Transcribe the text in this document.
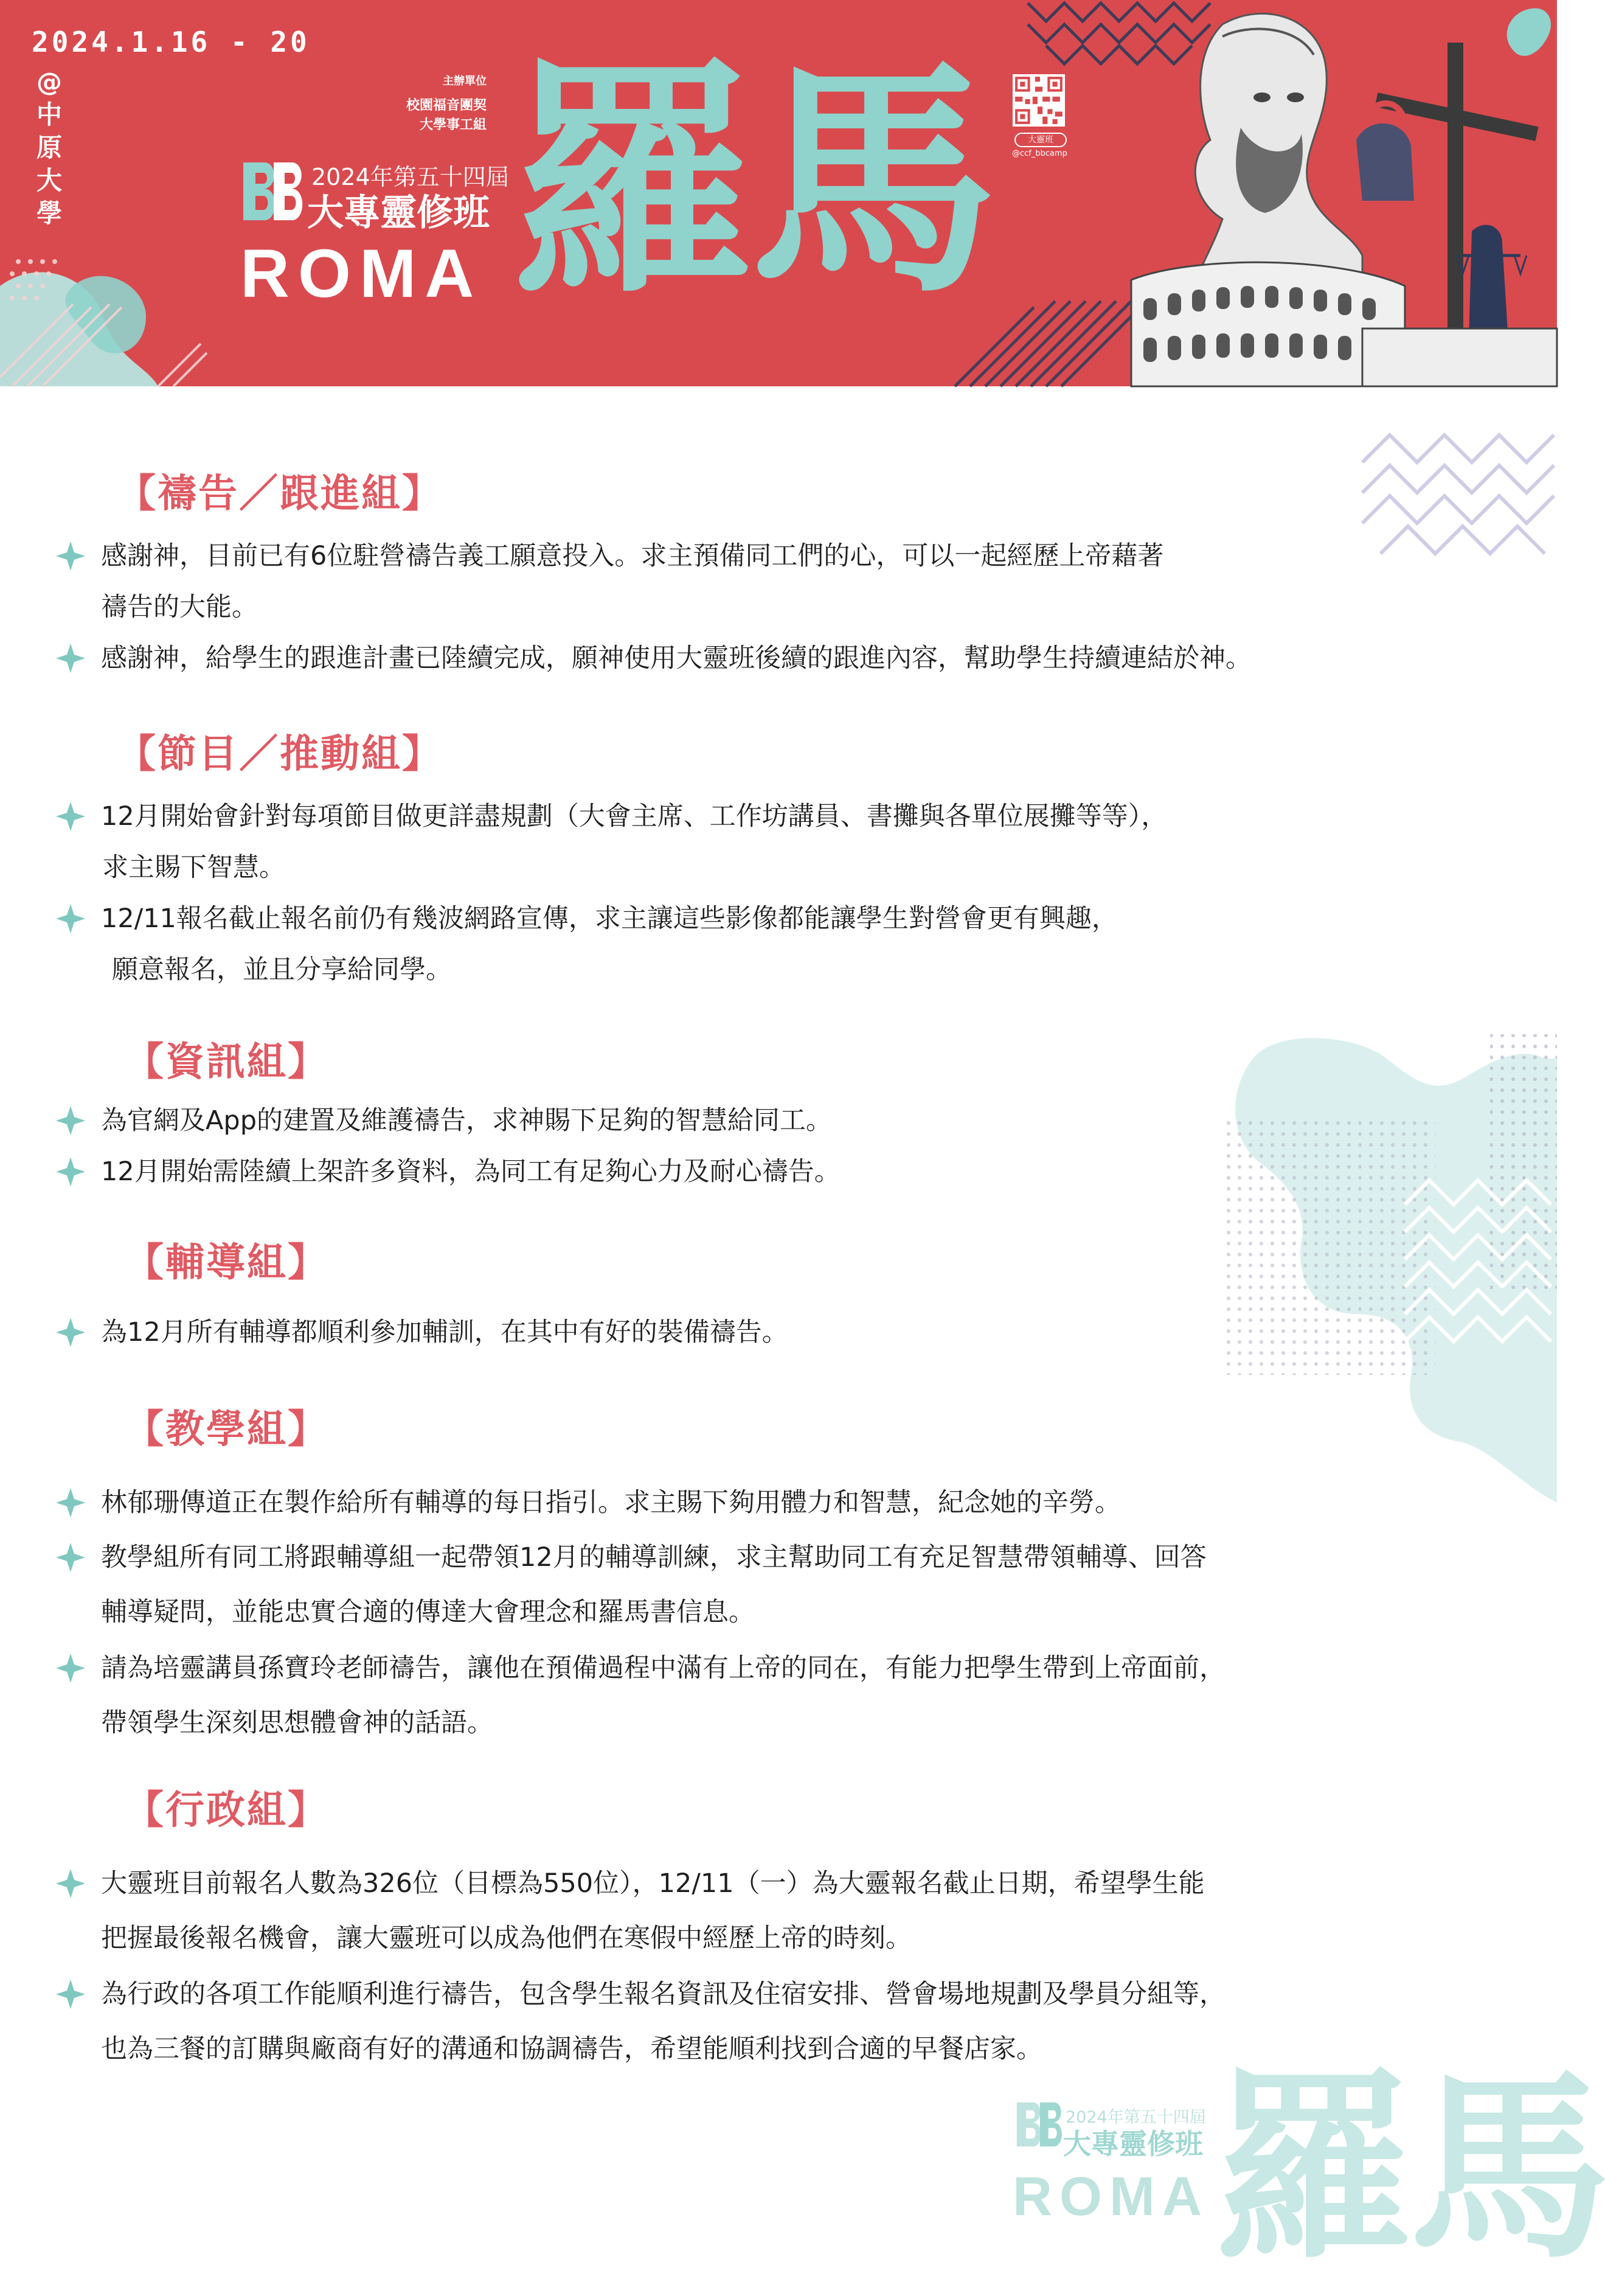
2024.1.16 - 20
@
中
原
大
學
主辦單位
校園福音團契
大學事工組
2024年第五十四屆
大專靈修班
ROMA 羅馬	大靈班
@ccf_bbcamp
【禱告／跟進組】
感謝神，目前已有6位駐營禱告義工願意投入。求主預備同工們的心，可以一起經歷上帝藉著
禱告的大能。
感謝神，給學生的跟進計畫已陸續完成，願神使用大靈班後續的跟進內容，幫助學生持續連結於神。
【節目／推動組】
12月開始會針對每項節目做更詳盡規劃（大會主席、工作坊講員、書攤與各單位展攤等等），
求主賜下智慧。
12/11報名截止報名前仍有幾波網路宣傳，求主讓這些影像都能讓學生對營會更有興趣，
願意報名，並且分享給同學。
【資訊組】
為官網及App的建置及維護禱告，求神賜下足夠的智慧給同工。
12月開始需陸續上架許多資料，為同工有足夠心力及耐心禱告。
【輔導組】
為12月所有輔導都順利參加輔訓，在其中有好的裝備禱告。
【教學組】
林郁珊傳道正在製作給所有輔導的每日指引。求主賜下夠用體力和智慧，紀念她的辛勞。
教學組所有同工將跟輔導組一起帶領12月的輔導訓練，求主幫助同工有充足智慧帶領輔導、回答
輔導疑問，並能忠實合適的傳達大會理念和羅馬書信息。
請為培靈講員孫寶玲老師禱告，讓他在預備過程中滿有上帝的同在，有能力把學生帶到上帝面前，
帶領學生深刻思想體會神的話語。
【行政組】
大靈班目前報名人數為326位（目標為550位），12/11（一）為大靈報名截止日期，希望學生能
把握最後報名機會，讓大靈班可以成為他們在寒假中經歷上帝的時刻。
為行政的各項工作能順利進行禱告，包含學生報名資訊及住宿安排、營會場地規劃及學員分組等，
也為三餐的訂購與廠商有好的溝通和協調禱告，希望能順利找到合適的早餐店家。
羅馬
2024年第五十四屆
大專靈修班
ROMA
